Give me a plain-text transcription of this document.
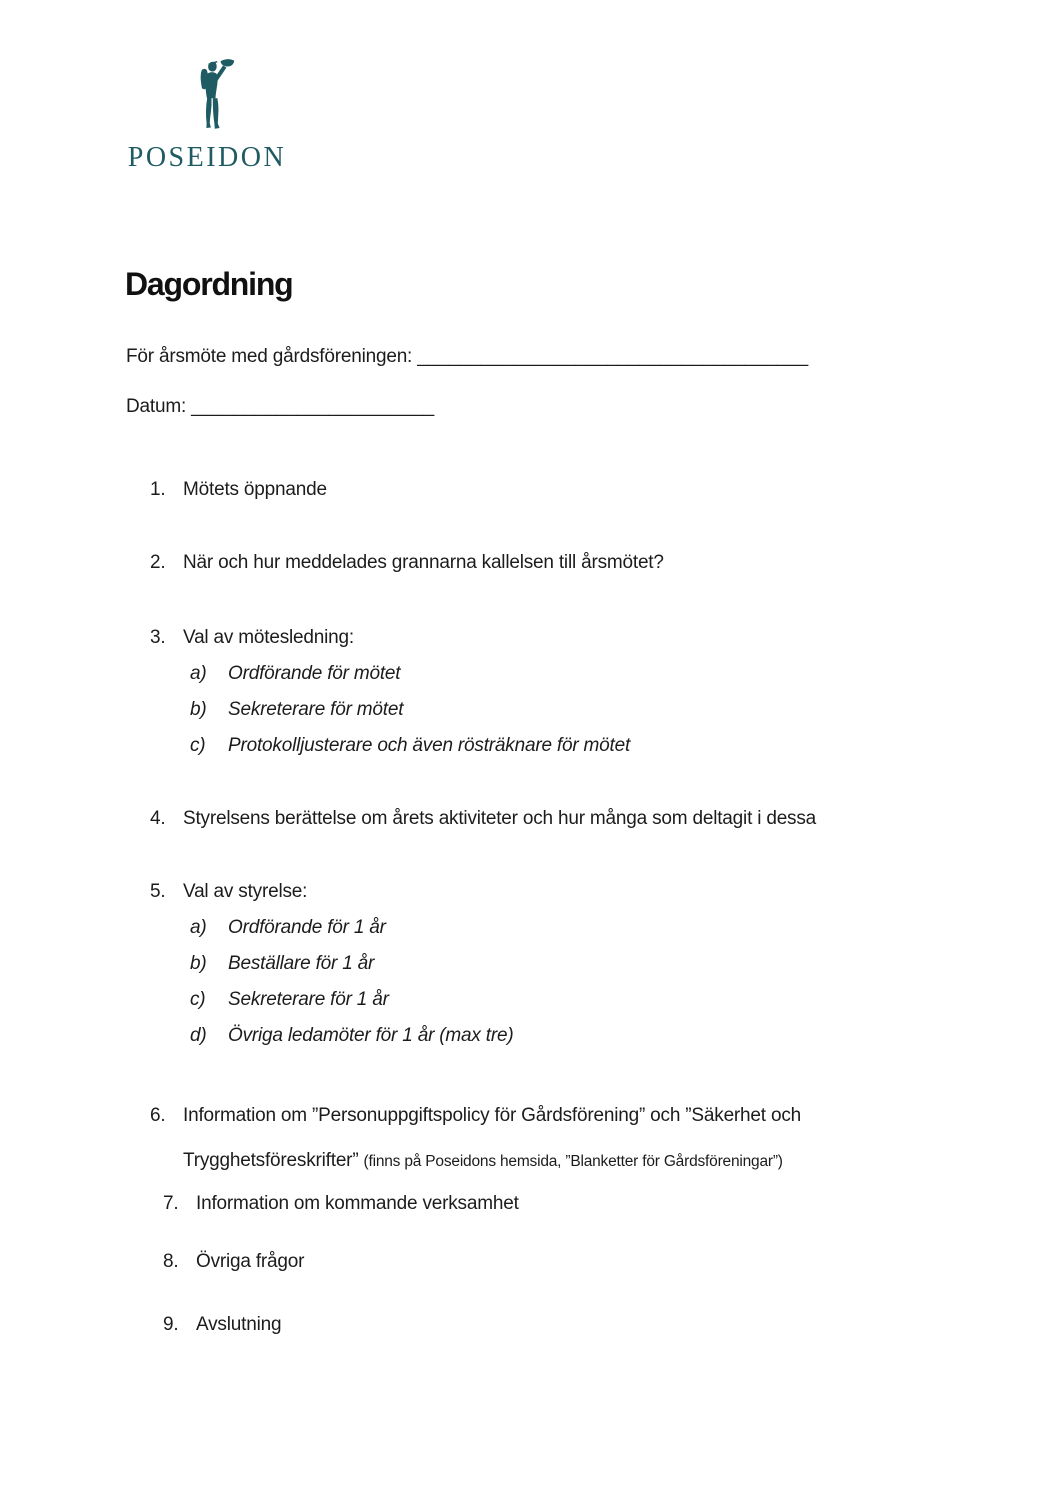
POSEIDON
Dagordning
För årsmöte med gårdsföreningen: _____________________________________
Datum: _______________________
1. Mötets öppnande
2. När och hur meddelades grannarna kallelsen till årsmötet?
3. Val av mötesledning:
a)	Ordförande för mötet
b)	Sekreterare för mötet
c)	Protokolljusterare och även rösträknare för mötet
4. Styrelsens berättelse om årets aktiviteter och hur många som deltagit i dessa
5. Val av styrelse:
a)	Ordförande för 1 år
b)	Beställare för 1 år
c)	Sekreterare för 1 år
d)	Övriga ledamöter för 1 år (max tre)
6. Information om ”Personuppgiftspolicy för Gårdsförening” och ”Säkerhet och Trygghetsföreskrifter” (finns på Poseidons hemsida, ”Blanketter för Gårdsföreningar”)
7. Information om kommande verksamhet
8. Övriga frågor
9. Avslutning
